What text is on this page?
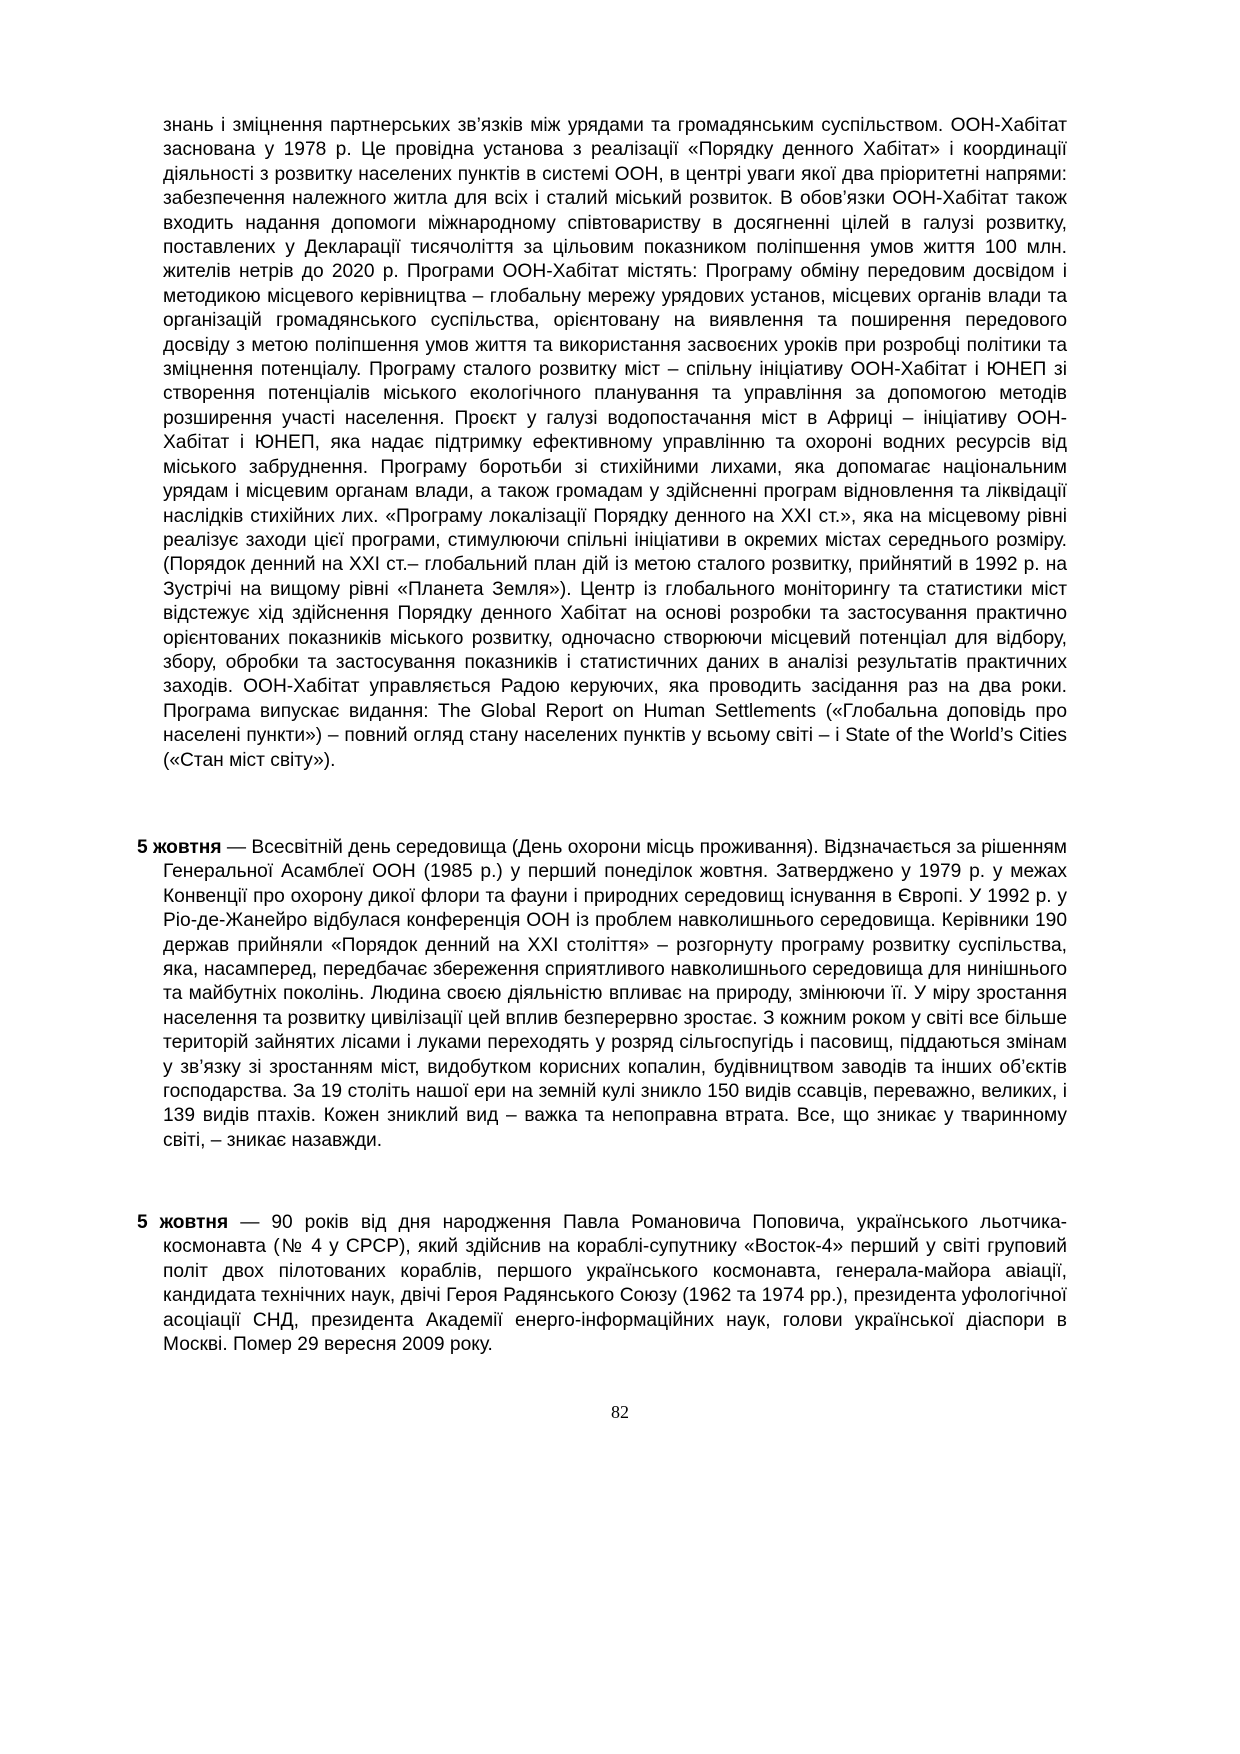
знань і зміцнення партнерських зв’язків між урядами та громадянським суспільством. ООН-Хабітат заснована у 1978 р. Це провідна установа з реалізації «Порядку денного Хабітат» і координації діяльності з розвитку населених пунктів в системі ООН, в центрі уваги якої два пріоритетні напрями: забезпечення належного житла для всіх і сталий міський розвиток. В обов’язки ООН-Хабітат також входить надання допомоги міжнародному співтовариству в досягненні цілей в галузі розвитку, поставлених у Декларації тисячоліття за цільовим показником поліпшення умов життя 100 млн. жителів нетрів до 2020 р. Програми ООН-Хабітат містять: Програму обміну передовим досвідом і методикою місцевого керівництва – глобальну мережу урядових установ, місцевих органів влади та організацій громадянського суспільства, орієнтовану на виявлення та поширення передового досвіду з метою поліпшення умов життя та використання засвоєних уроків при розробці політики та зміцнення потенціалу. Програму сталого розвитку міст – спільну ініціативу ООН-Хабітат і ЮНЕП зі створення потенціалів міського екологічного планування та управління за допомогою методів розширення участі населення. Проєкт у галузі водопостачання міст в Африці – ініціативу ООН-Хабітат і ЮНЕП, яка надає підтримку ефективному управлінню та охороні водних ресурсів від міського забруднення. Програму боротьби зі стихійними лихами, яка допомагає національним урядам і місцевим органам влади, а також громадам у здійсненні програм відновлення та ліквідації наслідків стихійних лих. «Програму локалізації Порядку денного на XXI ст.», яка на місцевому рівні реалізує заходи цієї програми, стимулюючи спільні ініціативи в окремих містах середнього розміру. (Порядок денний на XXI ст.– глобальний план дій із метою сталого розвитку, прийнятий в 1992 р. на Зустрічі на вищому рівні «Планета Земля»). Центр із глобального моніторингу та статистики міст відстежує хід здійснення Порядку денного Хабітат на основі розробки та застосування практично орієнтованих показників міського розвитку, одночасно створюючи місцевий потенціал для відбору, збору, обробки та застосування показників і статистичних даних в аналізі результатів практичних заходів. ООН-Хабітат управляється Радою керуючих, яка проводить засідання раз на два роки. Програма випускає видання: The Global Report on Human Settlements («Глобальна доповідь про населені пункти») – повний огляд стану населених пунктів у всьому світі – і State of the World’s Cities («Стан міст світу»).

5 жовтня — Всесвітній день середовища (День охорони місць проживання). Відзначається за рішенням Генеральної Асамблеї ООН (1985 р.) у перший понеділок жовтня. Затверджено у 1979 р. у межах Конвенції про охорону дикої флори та фауни і природних середовищ існування в Європі. У 1992 р. у Ріо-де-Жанейро відбулася конференція ООН із проблем навколишнього середовища. Керівники 190 держав прийняли «Порядок денний на XXI століття» – розгорнуту програму розвитку суспільства, яка, насамперед, передбачає збереження сприятливого навколишнього середовища для нинішнього та майбутніх поколінь. Людина своєю діяльністю впливає на природу, змінюючи її. У міру зростання населення та розвитку цивілізації цей вплив безперервно зростає. З кожним роком у світі все більше територій зайнятих лісами і луками переходять у розряд сільгоспугідь і пасовищ, піддаються змінам у зв’язку зі зростанням міст, видобутком корисних копалин, будівництвом заводів та інших об’єктів господарства. За 19 століть нашої ери на земній кулі зникло 150 видів ссавців, переважно, великих, і 139 видів птахів. Кожен зниклий вид – важка та непоправна втрата. Все, що зникає у тваринному світі, – зникає назавжди.

5 жовтня — 90 років від дня народження Павла Романовича Поповича, українського льотчика-космонавта (№ 4 у СРСР), який здійснив на кораблі-супутнику «Восток-4» перший у світі груповий політ двох пілотованих кораблів, першого українського космонавта, генерала-майора авіації, кандидата технічних наук, двічі Героя Радянського Союзу (1962 та 1974 рр.), президента уфологічної асоціації СНД, президента Академії енерго-інформаційних наук, голови української діаспори в Москві. Помер 29 вересня 2009 року.

82
